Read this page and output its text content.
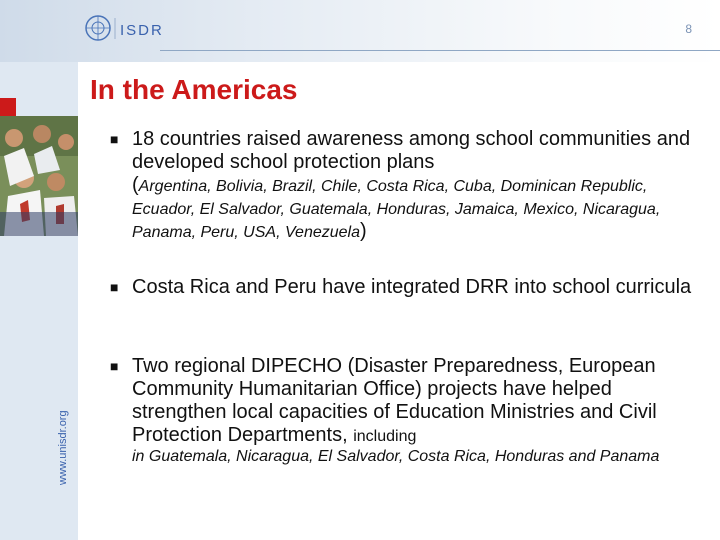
ISDR	8
www.unisdr.org
In the Americas
■ 18 countries raised awareness among school communities and developed school protection plans
(Argentina, Bolivia, Brazil, Chile, Costa Rica, Cuba, Dominican Republic, Ecuador, El Salvador, Guatemala, Honduras, Jamaica, Mexico, Nicaragua, Panama, Peru, USA, Venezuela)
■ Costa Rica and Peru have integrated DRR into school curricula
■ Two regional DIPECHO (Disaster Preparedness, European Community Humanitarian Office) projects have helped strengthen local capacities of Education Ministries and Civil Protection Departments, including
in Guatemala, Nicaragua, El Salvador, Costa Rica, Honduras and Panama
